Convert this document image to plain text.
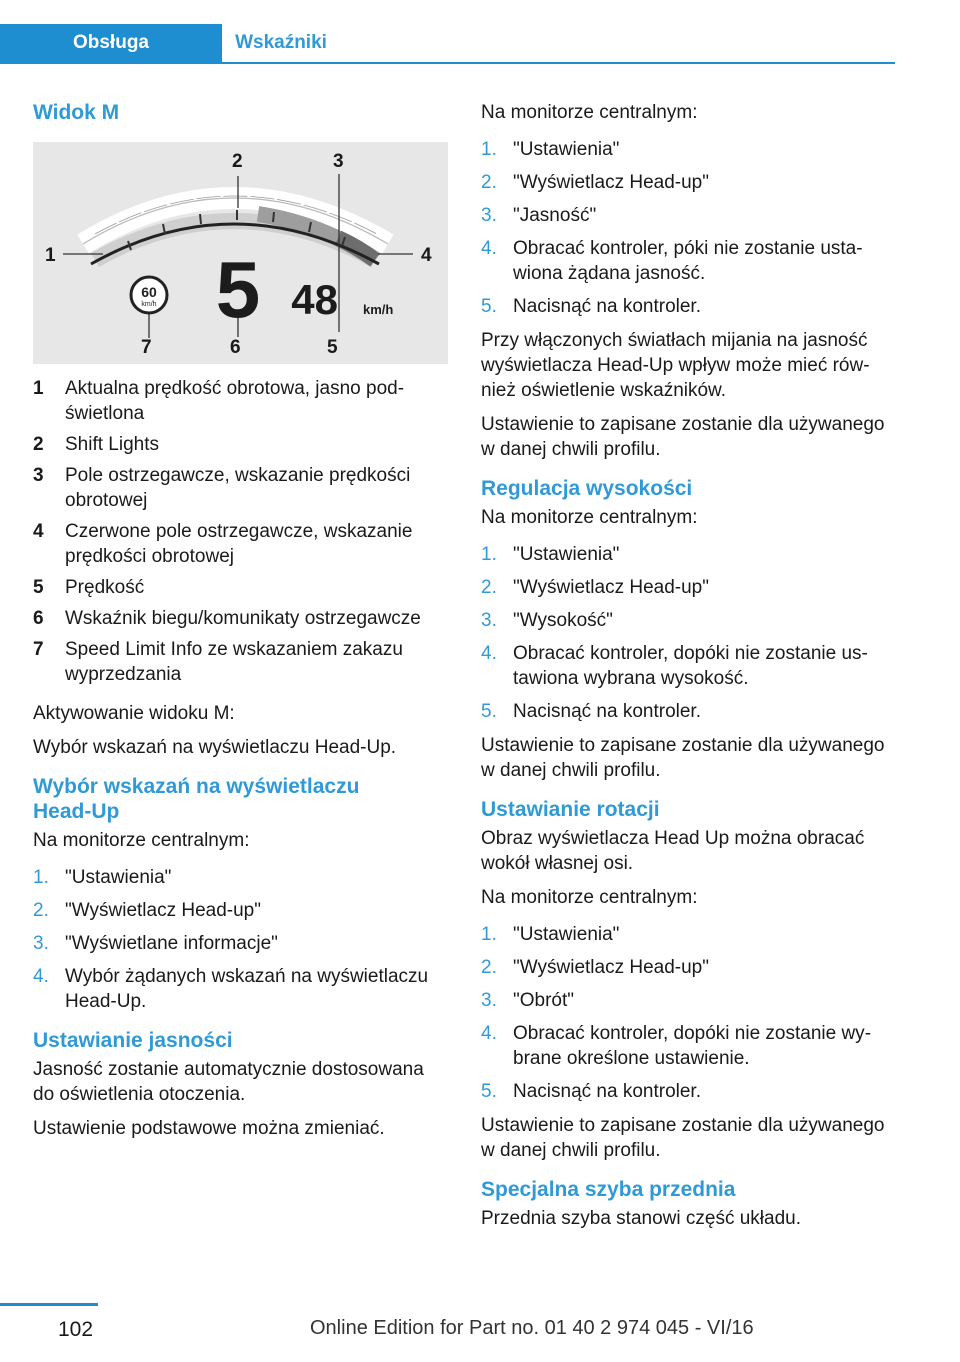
Obsługa	Wskaźniki
Widok M
60
km/h 5 48 km/h
1
2	3
4
5
6
7
1 Aktualna prędkość obrotowa, jasno podświetlona
2 Shift Lights
3 Pole ostrzegawcze, wskazanie prędkości obrotowej
4 Czerwone pole ostrzegawcze, wskazanie prędkości obrotowej
5 Prędkość
6 Wskaźnik biegu/komunikaty ostrzegawcze
7 Speed Limit Info ze wskazaniem zakazu wyprzedzania

Aktywowanie widoku M:

Wybór wskazań na wyświetlaczu Head-Up.

Wybór wskazań na wyświetlaczu Head-Up

Na monitorze centralnym:

1. "Ustawienia"
2. "Wyświetlacz Head-up"
3. "Wyświetlane informacje"
4. Wybór żądanych wskazań na wyświetlaczu Head-Up.
Ustawianie jasności

Jasność zostanie automatycznie dostosowana do oświetlenia otoczenia.

Ustawienie podstawowe można zmieniać.

Na monitorze centralnym:

1. "Ustawienia"
2. "Wyświetlacz Head-up"
3. "Jasność"
4. Obracać kontroler, póki nie zostanie ustawiona żądana jasność.
5. Nacisnąć na kontroler.

Przy włączonych światłach mijania na jasność wyświetlacza Head-Up wpływ może mieć również oświetlenie wskaźników.

Ustawienie to zapisane zostanie dla używanego w danej chwili profilu.

Regulacja wysokości

Na monitorze centralnym:

1. "Ustawienia"
2. "Wyświetlacz Head-up"
3. "Wysokość"
4. Obracać kontroler, dopóki nie zostanie ustawiona wybrana wysokość.
5. Nacisnąć na kontroler.

Ustawienie to zapisane zostanie dla używanego w danej chwili profilu.

Ustawianie rotacji

Obraz wyświetlacza Head Up można obracać wokół własnej osi.

Na monitorze centralnym:

1. "Ustawienia"
2. "Wyświetlacz Head-up"
3. "Obrót"
4. Obracać kontroler, dopóki nie zostanie wybrane określone ustawienie.
5. Nacisnąć na kontroler.

Ustawienie to zapisane zostanie dla używanego w danej chwili profilu.

Specjalna szyba przednia

Przednia szyba stanowi część układu.

102	Online Edition for Part no. 01 40 2 974 045 - VI/16
